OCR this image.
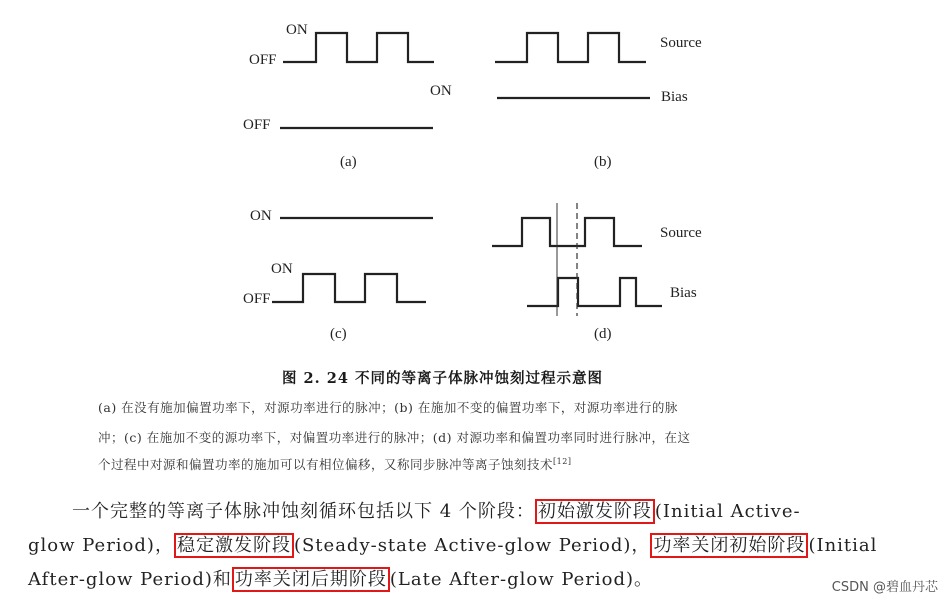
ON
OFF
ON
OFF
(a)
Source
Bias
(b)
ON
ON
OFF
(c)
Source
Bias
(d)
图 2. 24 不同的等离子体脉冲蚀刻过程示意图
(a) 在没有施加偏置功率下，对源功率进行的脉冲；(b) 在施加不变的偏置功率下，对源功率进行的脉
冲；(c) 在施加不变的源功率下，对偏置功率进行的脉冲；(d) 对源功率和偏置功率同时进行脉冲，在这
个过程中对源和偏置功率的施加可以有相位偏移，又称同步脉冲等离子蚀刻技术[12]
一个完整的等离子体脉冲蚀刻循环包括以下 4 个阶段： 初始激发阶段 (Initial Active-
glow Period)， 稳定激发阶段 (Steady-state Active-glow Period)， 功率关闭初始阶段 (Initial
After-glow Period)和 功率关闭后期阶段 (Late After-glow Period)。	CSDN @碧血丹芯
